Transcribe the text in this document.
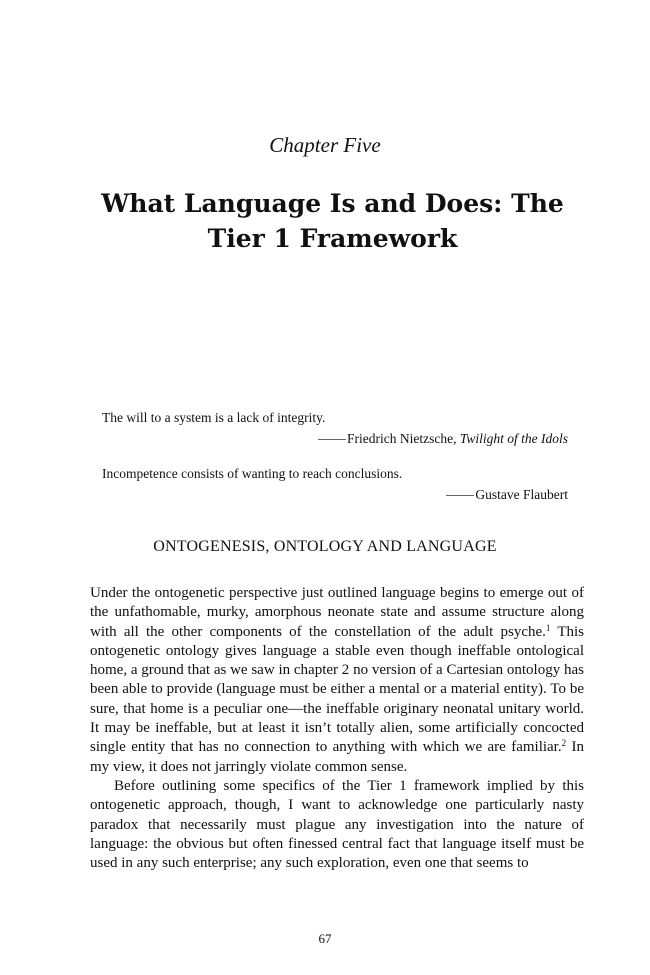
Chapter Five
What Language Is and Does: The Tier 1 Framework
The will to a system is a lack of integrity.
Friedrich Nietzsche, Twilight of the Idols
Incompetence consists of wanting to reach conclusions.
Gustave Flaubert
ONTOGENESIS, ONTOLOGY AND LANGUAGE

Under the ontogenetic perspective just outlined language begins to emerge out of the unfathomable, murky, amorphous neonate state and assume structure along with all the other components of the constellation of the adult psyche.$^1$ This ontogenetic ontology gives language a stable even though ineffable ontological home, a ground that as we saw in chapter 2 no version of a Cartesian ontology has been able to provide (language must be either a mental or a material entity). To be sure, that home is a peculiar one—the ineffable originary neonatal unitary world. It may be ineffable, but at least it isn’t totally alien, some artificially concocted single entity that has no connection to anything with which we are familiar.$^2$ In my view, it does not jarringly violate common sense.

Before outlining some specifics of the Tier 1 framework implied by this ontogenetic approach, though, I want to acknowledge one particularly nasty paradox that necessarily must plague any investigation into the nature of language: the obvious but often finessed central fact that language itself must be used in any such enterprise; any such exploration, even one that seems to

67
